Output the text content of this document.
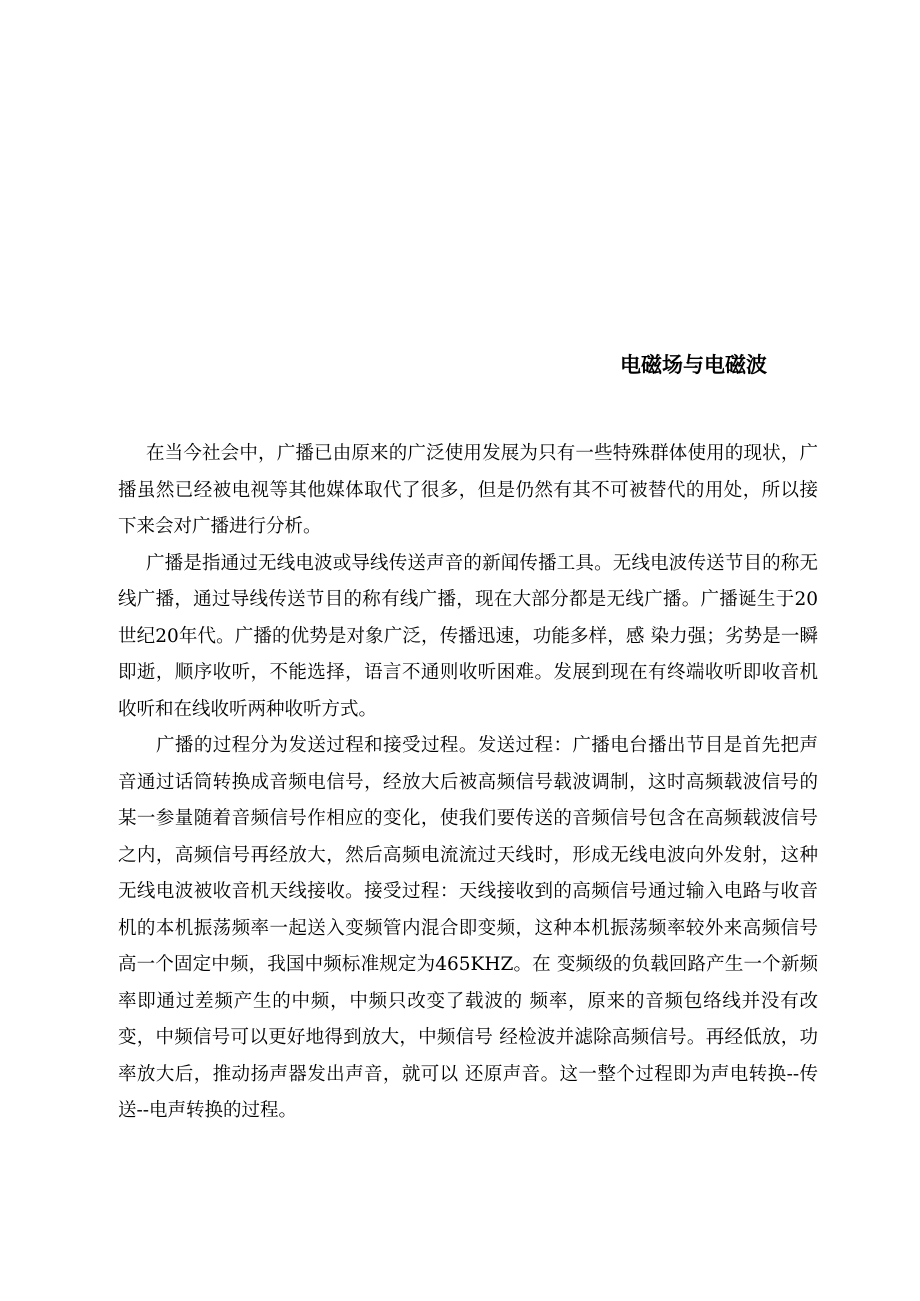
电磁场与电磁波

在当今社会中，广播已由原来的广泛使用发展为只有一些特殊群体使用的现状，广播虽然已经被电视等其他媒体取代了很多，但是仍然有其不可被替代的用处，所以接下来会对广播进行分析。

广播是指通过无线电波或导线传送声音的新闻传播工具。无线电波传送节目的称无线广播，通过导线传送节目的称有线广播，现在大部分都是无线广播。广播诞生于20世纪20年代。广播的优势是对象广泛，传播迅速，功能多样，感 染力强；劣势是一瞬即逝，顺序收听，不能选择，语言不通则收听困难。发展到现在有终端收听即收音机收听和在线收听两种收听方式。

广播的过程分为发送过程和接受过程。发送过程：广播电台播出节目是首先把声音通过话筒转换成音频电信号，经放大后被高频信号载波调制，这时高频载波信号的某一参量随着音频信号作相应的变化，使我们要传送的音频信号包含在高频载波信号之内，高频信号再经放大，然后高频电流流过天线时，形成无线电波向外发射，这种无线电波被收音机天线接收。接受过程：天线接收到的高频信号通过输入电路与收音机的本机振荡频率一起送入变频管内混合即变频，这种本机振荡频率较外来高频信号高一个固定中频，我国中频标准规定为465KHZ。在 变频级的负载回路产生一个新频率即通过差频产生的中频，中频只改变了载波的 频率，原来的音频包络线并没有改变，中频信号可以更好地得到放大，中频信号 经检波并滤除高频信号。再经低放，功率放大后，推动扬声器发出声音，就可以 还原声音。这一整个过程即为声电转换--传送--电声转换的过程。
